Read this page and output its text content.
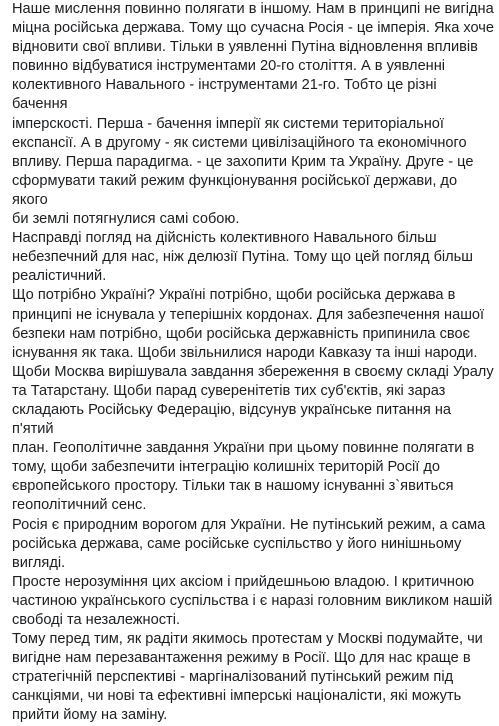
Наше мислення повинно полягати в іншому. Нам в принципі не вигідна
міцна російська держава. Тому що сучасна Росія - це імперія. Яка хоче
відновити свої впливи. Тільки в уявленні Путіна відновлення впливів
повинно відбуватися інструментами 20-го століття. А в уявленні
колективного Навального - інструментами 21-го. Тобто це різні бачення
імперскості. Перша - бачення імперії як системи територіальної
експансії. А в другому - як системи цивілізаційного та економічного
впливу. Перша парадигма. - це захопити Крим та Україну. Друге - це
сформувати такий режим функціонування російської держави, до якого
би землі потягнулися самі собою.

Насправді погляд на дійсність колективного Навального більш
небезпечний для нас, ніж делюзії Путіна. Тому що цей погляд більш
реалістичний.

Що потрібно Україні? Україні потрібно, щоби російська держава в
принципі не існувала у теперішніх кордонах. Для забезпечення нашої
безпеки нам потрібно, щоби російська державність припинила своє
існування як така. Щоби звільнилися народи Кавказу та інші народи.
Щоби Москва вирішувала завдання збереження в своєму складі Уралу
та Татарстану. Щоби парад суверенітетів тих суб'єктів, які зараз
складають Російську Федерацію, відсунув українське питання на п'ятий
план. Геополітичне завдання України при цьому повинне полягати в
тому, щоби забезпечити інтеграцію колишніх територій Росії до
європейського простору. Тільки так в нашому існуванні з`явиться
геополітичний сенс.

Росія є природним ворогом для України. Не путінський режим, а сама
російська держава, саме російське суспільство у його нинішньому
вигляді.

Просте нерозуміння цих аксіом і прийдешньою владою. І критичною
частиною українського суспільства і є наразі головним викликом нашій
свободі та незалежності.

Тому перед тим, як радіти якимось протестам у Москві подумайте, чи
вигідне нам перезавантаження режиму в Росії. Що для нас краще в
стратегічній перспективі - маргіналізований путінський режим під
санкціями, чи нові та ефективні імперські націоналісти, які можуть
прийти йому на заміну.
